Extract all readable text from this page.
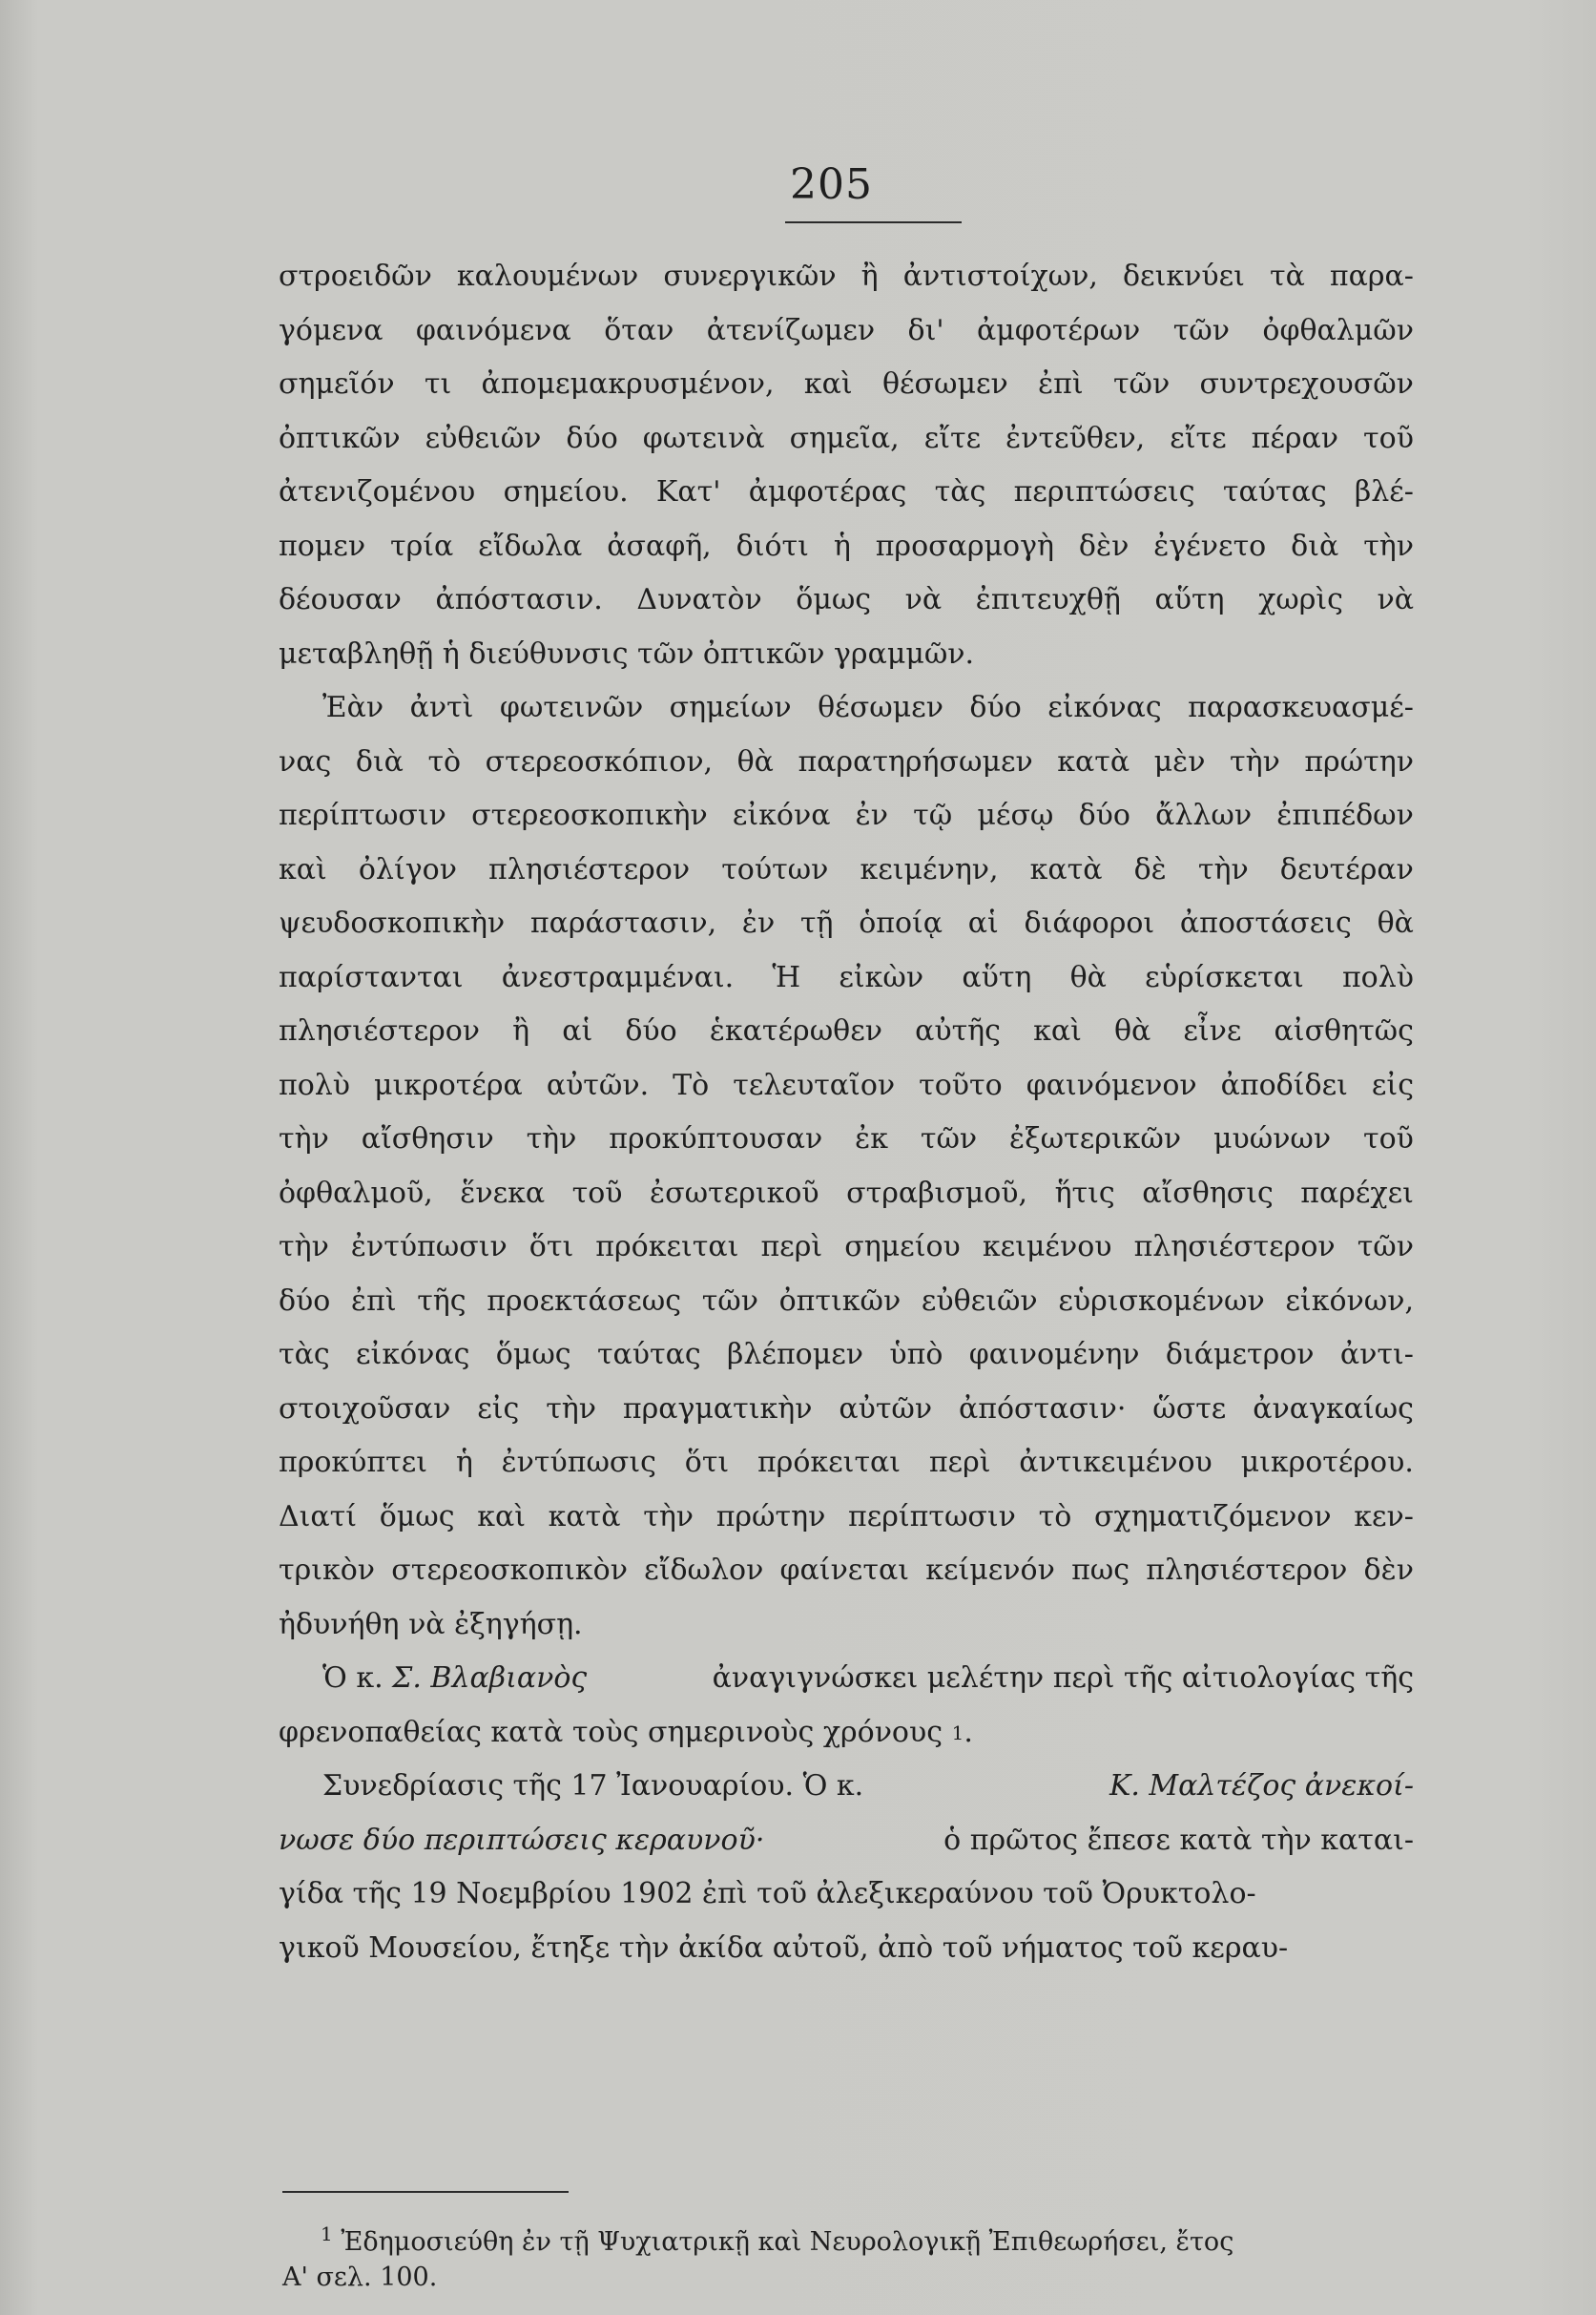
205
στροειδῶν καλουμένων συνεργικῶν ἢ ἀντιστοίχων, δεικνύει τὰ παρα-
γόμενα φαινόμενα ὅταν ἀτενίζωμεν δι' ἀμφοτέρων τῶν ὀφθαλμῶν
σημεῖόν τι ἀπομεμακρυσμένον, καὶ θέσωμεν ἐπὶ τῶν συντρεχουσῶν
ὀπτικῶν εὐθειῶν δύο φωτεινὰ σημεῖα, εἴτε ἐντεῦθεν, εἴτε πέραν τοῦ
ἀτενιζομένου σημείου. Κατ' ἀμφοτέρας τὰς περιπτώσεις ταύτας βλέ-
πομεν τρία εἴδωλα ἀσαφῆ, διότι ἡ προσαρμογὴ δὲν ἐγένετο διὰ τὴν
δέουσαν ἀπόστασιν. Δυνατὸν ὅμως νὰ ἐπιτευχθῇ αὕτη χωρὶς νὰ
μεταβληθῇ ἡ διεύθυνσις τῶν ὀπτικῶν γραμμῶν.
Ἐὰν ἀντὶ φωτεινῶν σημείων θέσωμεν δύο εἰκόνας παρασκευασμέ-
νας διὰ τὸ στερεοσκόπιον, θὰ παρατηρήσωμεν κατὰ μὲν τὴν πρώτην
περίπτωσιν στερεοσκοπικὴν εἰκόνα ἐν τῷ μέσῳ δύο ἄλλων ἐπιπέδων
καὶ ὀλίγον πλησιέστερον τούτων κειμένην, κατὰ δὲ τὴν δευτέραν
ψευδοσκοπικὴν παράστασιν, ἐν τῇ ὁποίᾳ αἱ διάφοροι ἀποστάσεις θὰ
παρίστανται ἀνεστραμμέναι. Ἡ εἰκὼν αὕτη θὰ εὑρίσκεται πολὺ
πλησιέστερον ἢ αἱ δύο ἑκατέρωθεν αὐτῆς καὶ θὰ εἶνε αἰσθητῶς
πολὺ μικροτέρα αὐτῶν. Τὸ τελευταῖον τοῦτο φαινόμενον ἀποδίδει εἰς
τὴν αἴσθησιν τὴν προκύπτουσαν ἐκ τῶν ἐξωτερικῶν μυώνων τοῦ
ὀφθαλμοῦ, ἕνεκα τοῦ ἐσωτερικοῦ στραβισμοῦ, ἥτις αἴσθησις παρέχει
τὴν ἐντύπωσιν ὅτι πρόκειται περὶ σημείου κειμένου πλησιέστερον τῶν
δύο ἐπὶ τῆς προεκτάσεως τῶν ὀπτικῶν εὐθειῶν εὑρισκομένων εἰκόνων,
τὰς εἰκόνας ὅμως ταύτας βλέπομεν ὑπὸ φαινομένην διάμετρον ἀντι-
στοιχοῦσαν εἰς τὴν πραγματικὴν αὐτῶν ἀπόστασιν· ὥστε ἀναγκαίως
προκύπτει ἡ ἐντύπωσις ὅτι πρόκειται περὶ ἀντικειμένου μικροτέρου.
Διατί ὅμως καὶ κατὰ τὴν πρώτην περίπτωσιν τὸ σχηματιζόμενον κεν-
τρικὸν στερεοσκοπικὸν εἴδωλον φαίνεται κείμενόν πως πλησιέστερον δὲν
ἠδυνήθη νὰ ἐξηγήσῃ.
Ὁ κ. Σ. Βλαβιανὸς	ἀναγιγνώσκει μελέτην περὶ τῆς αἰτιολογίας τῆς
φρενοπαθείας κατὰ τοὺς σημερινοὺς χρόνους
1 .
Συνεδρίασις τῆς 17 Ἰανουαρίου. Ὁ κ.	Κ. Μαλτέζος ἀνεκοί-
νωσε δύο περιπτώσεις κεραυνοῦ·	ὁ πρῶτος ἔπεσε κατὰ τὴν καται-
γίδα τῆς 19 Νοεμβρίου 1902 ἐπὶ τοῦ ἀλεξικεραύνου τοῦ Ὀρυκτολο-
γικοῦ Μουσείου, ἔτηξε τὴν ἀκίδα αὐτοῦ, ἀπὸ τοῦ νήματος τοῦ κεραυ-
$^1$ Ἐδημοσιεύθη ἐν τῇ Ψυχιατρικῇ καὶ Νευρολογικῇ Ἐπιθεωρήσει, ἔτος
Α' σελ. 100.
